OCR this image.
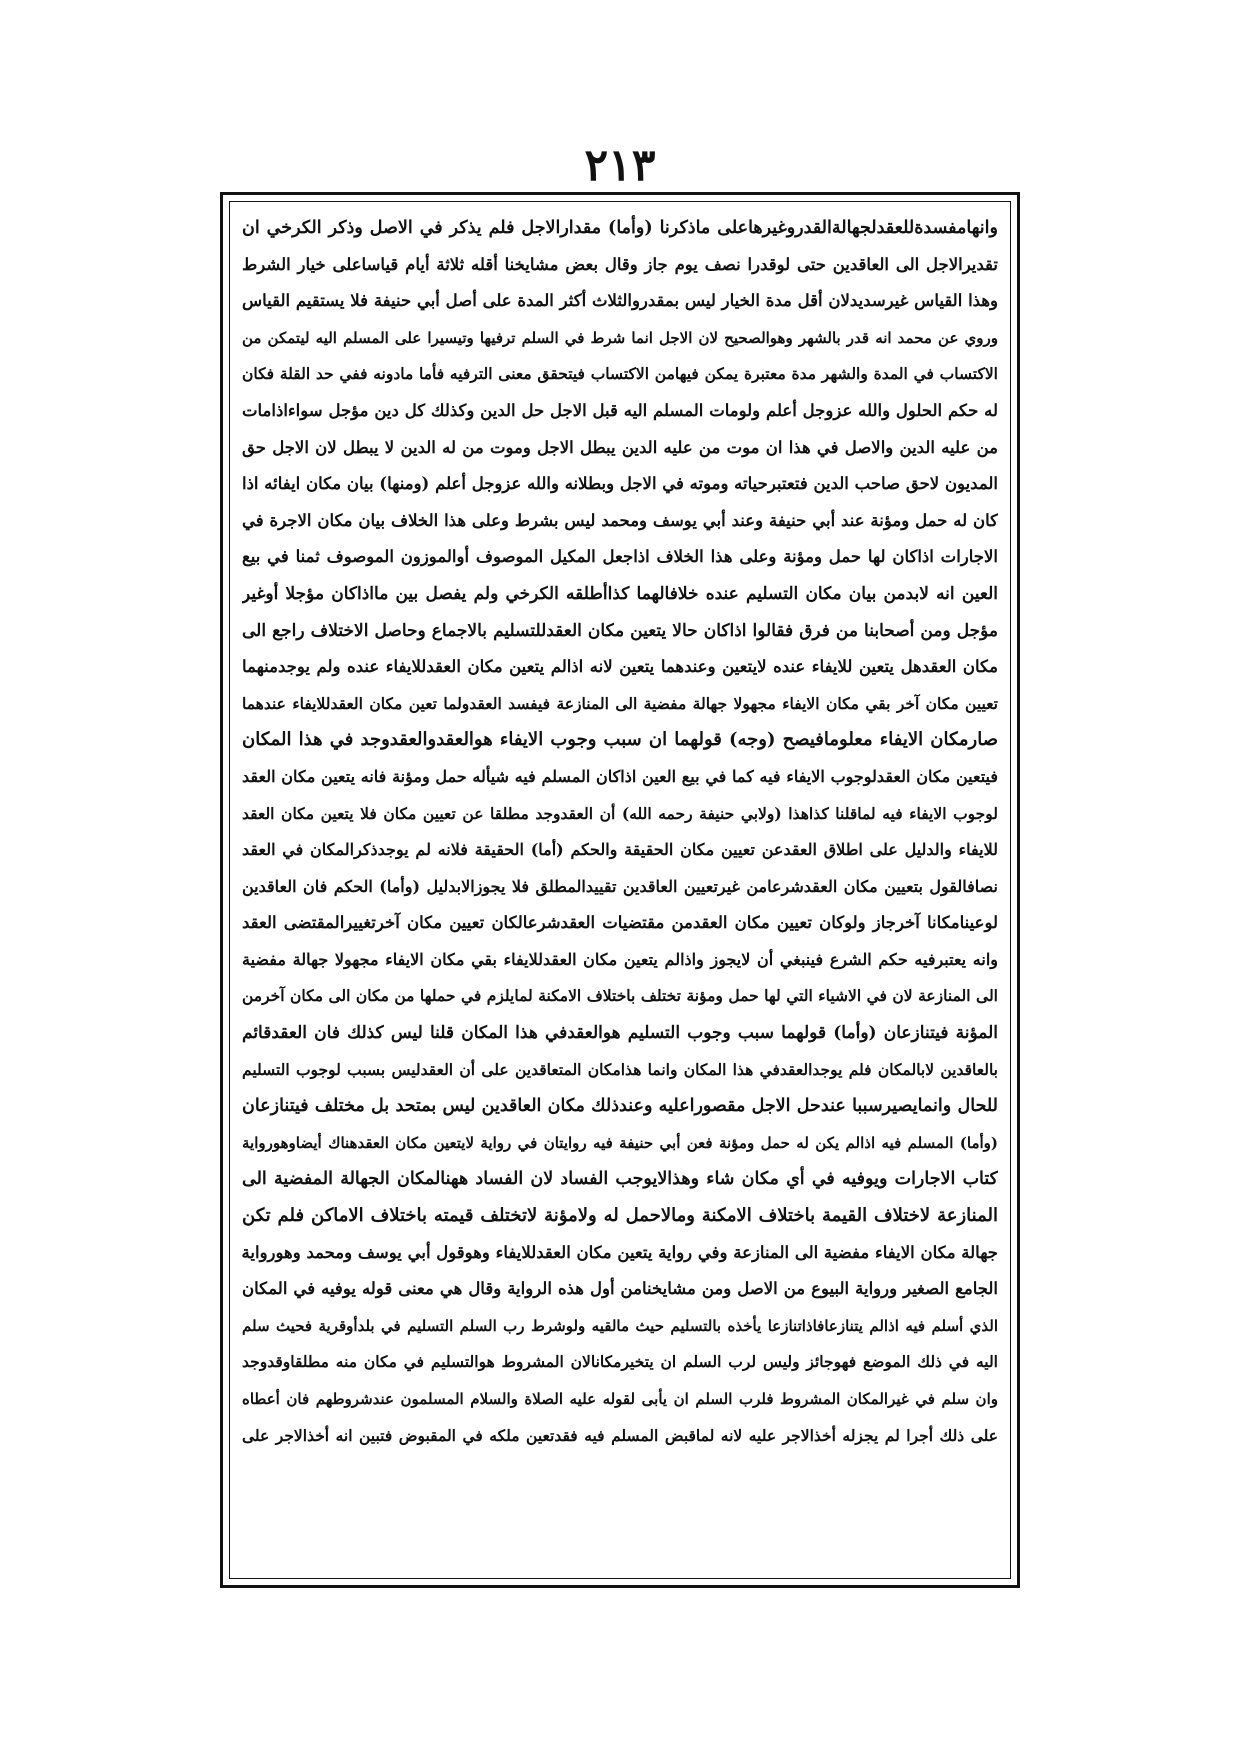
٢١٣
وانهامفسدةللعقدلجهالةالقدروغيرهاعلى ماذكرنا (وأما) مقدارالاجل فلم يذكر في الاصل وذكر الكرخي ان
تقديرالاجل الى العاقدين حتى لوقدرا نصف يوم جاز وقال بعض مشايخنا أقله ثلاثة أيام قياساعلى خيار الشرط
وهذا القياس غيرسديدلان أقل مدة الخيار ليس بمقدروالثلاث أكثر المدة على أصل أبي حنيفة فلا يستقيم القياس
وروي عن محمد انه قدر بالشهر وهوالصحيح لان الاجل انما شرط في السلم ترفيها وتيسيرا على المسلم اليه ليتمكن من
الاكتساب في المدة والشهر مدة معتبرة يمكن فيهامن الاكتساب فيتحقق معنى الترفيه فأما مادونه ففي حد القلة فكان
له حكم الحلول والله عزوجل أعلم ولومات المسلم اليه قبل الاجل حل الدين وكذلك كل دين مؤجل سواءاذامات
من عليه الدين والاصل في هذا ان موت من عليه الدين يبطل الاجل وموت من له الدين لا يبطل لان الاجل حق
المديون لاحق صاحب الدين فتعتبرحياته وموته في الاجل وبطلانه والله عزوجل أعلم (ومنها) بيان مكان ايفائه اذا
كان له حمل ومؤنة عند أبي حنيفة وعند أبي يوسف ومحمد ليس بشرط وعلى هذا الخلاف بيان مكان الاجرة في
الاجارات اذاكان لها حمل ومؤنة وعلى هذا الخلاف اذاجعل المكيل الموصوف أوالموزون الموصوف ثمنا في بيع
العين انه لابدمن بيان مكان التسليم عنده خلافالهما كذاأطلقه الكرخي ولم يفصل بين مااذاكان مؤجلا أوغير
مؤجل ومن أصحابنا من فرق فقالوا اذاكان حالا يتعين مكان العقدللتسليم بالاجماع وحاصل الاختلاف راجع الى
مكان العقدهل يتعين للايفاء عنده لايتعين وعندهما يتعين لانه اذالم يتعين مكان العقدللايفاء عنده ولم يوجدمنهما
تعيين مكان آخر بقي مكان الايفاء مجهولا جهالة مفضية الى المنازعة فيفسد العقدولما تعين مكان العقدللايفاء عندهما
صارمكان الايفاء معلومافيصح (وجه) قولهما ان سبب وجوب الايفاء هوالعقدوالعقدوجد في هذا المكان
فيتعين مكان العقدلوجوب الايفاء فيه كما في بيع العين اذاكان المسلم فيه شيأله حمل ومؤنة فانه يتعين مكان العقد
لوجوب الايفاء فيه لماقلنا كذاهذا (ولابي حنيفة رحمه الله) أن العقدوجد مطلقا عن تعيين مكان فلا يتعين مكان العقد
للايفاء والدليل على اطلاق العقدعن تعيين مكان الحقيقة والحكم (أما) الحقيقة فلانه لم يوجدذكرالمكان في العقد
نصافالقول بتعيين مكان العقدشرعامن غيرتعيين العاقدين تقييدالمطلق فلا يجوزالابدليل (وأما) الحكم فان العاقدين
لوعينامكانا آخرجاز ولوكان تعيين مكان العقدمن مقتضيات العقدشرعالكان تعيين مكان آخرتغييرالمقتضى العقد
وانه يعتبرفيه حكم الشرع فينبغي أن لايجوز واذالم يتعين مكان العقدللايفاء بقي مكان الايفاء مجهولا جهالة مفضية
الى المنازعة لان في الاشياء التي لها حمل ومؤنة تختلف باختلاف الامكنة لمايلزم في حملها من مكان الى مكان آخرمن
المؤنة فيتنازعان (وأما) قولهما سبب وجوب التسليم هوالعقدفي هذا المكان قلنا ليس كذلك فان العقدقائم
بالعاقدين لابالمكان فلم يوجدالعقدفي هذا المكان وانما هذامكان المتعاقدين على أن العقدليس بسبب لوجوب التسليم
للحال وانمايصيرسببا عندحل الاجل مقصوراعليه وعندذلك مكان العاقدين ليس بمتحد بل مختلف فيتنازعان
(وأما) المسلم فيه اذالم يكن له حمل ومؤنة فعن أبي حنيفة فيه روايتان في رواية لايتعين مكان العقدهناك أيضاوهورواية
كتاب الاجارات ويوفيه في أي مكان شاء وهذالايوجب الفساد لان الفساد ههنالمكان الجهالة المفضية الى
المنازعة لاختلاف القيمة باختلاف الامكنة ومالاحمل له ولامؤنة لاتختلف قيمته باختلاف الاماكن فلم تكن
جهالة مكان الايفاء مفضية الى المنازعة وفي رواية يتعين مكان العقدللايفاء وهوقول أبي يوسف ومحمد وهورواية
الجامع الصغير ورواية البيوع من الاصل ومن مشايخنامن أول هذه الرواية وقال هي معنى قوله يوفيه في المكان
الذي أسلم فيه اذالم يتنازعافاذاتنازعا يأخذه بالتسليم حيث مالقيه ولوشرط رب السلم التسليم في بلدأوقرية فحيث سلم
اليه في ذلك الموضع فهوجائز وليس لرب السلم ان يتخيرمكانالان المشروط هوالتسليم في مكان منه مطلقاوقدوجد
وان سلم في غيرالمكان المشروط فلرب السلم ان يأبى لقوله عليه الصلاة والسلام المسلمون عندشروطهم فان أعطاه
على ذلك أجرا لم يجزله أخذالاجر عليه لانه لماقبض المسلم فيه فقدتعين ملكه في المقبوض فتبين انه أخذالاجر على
